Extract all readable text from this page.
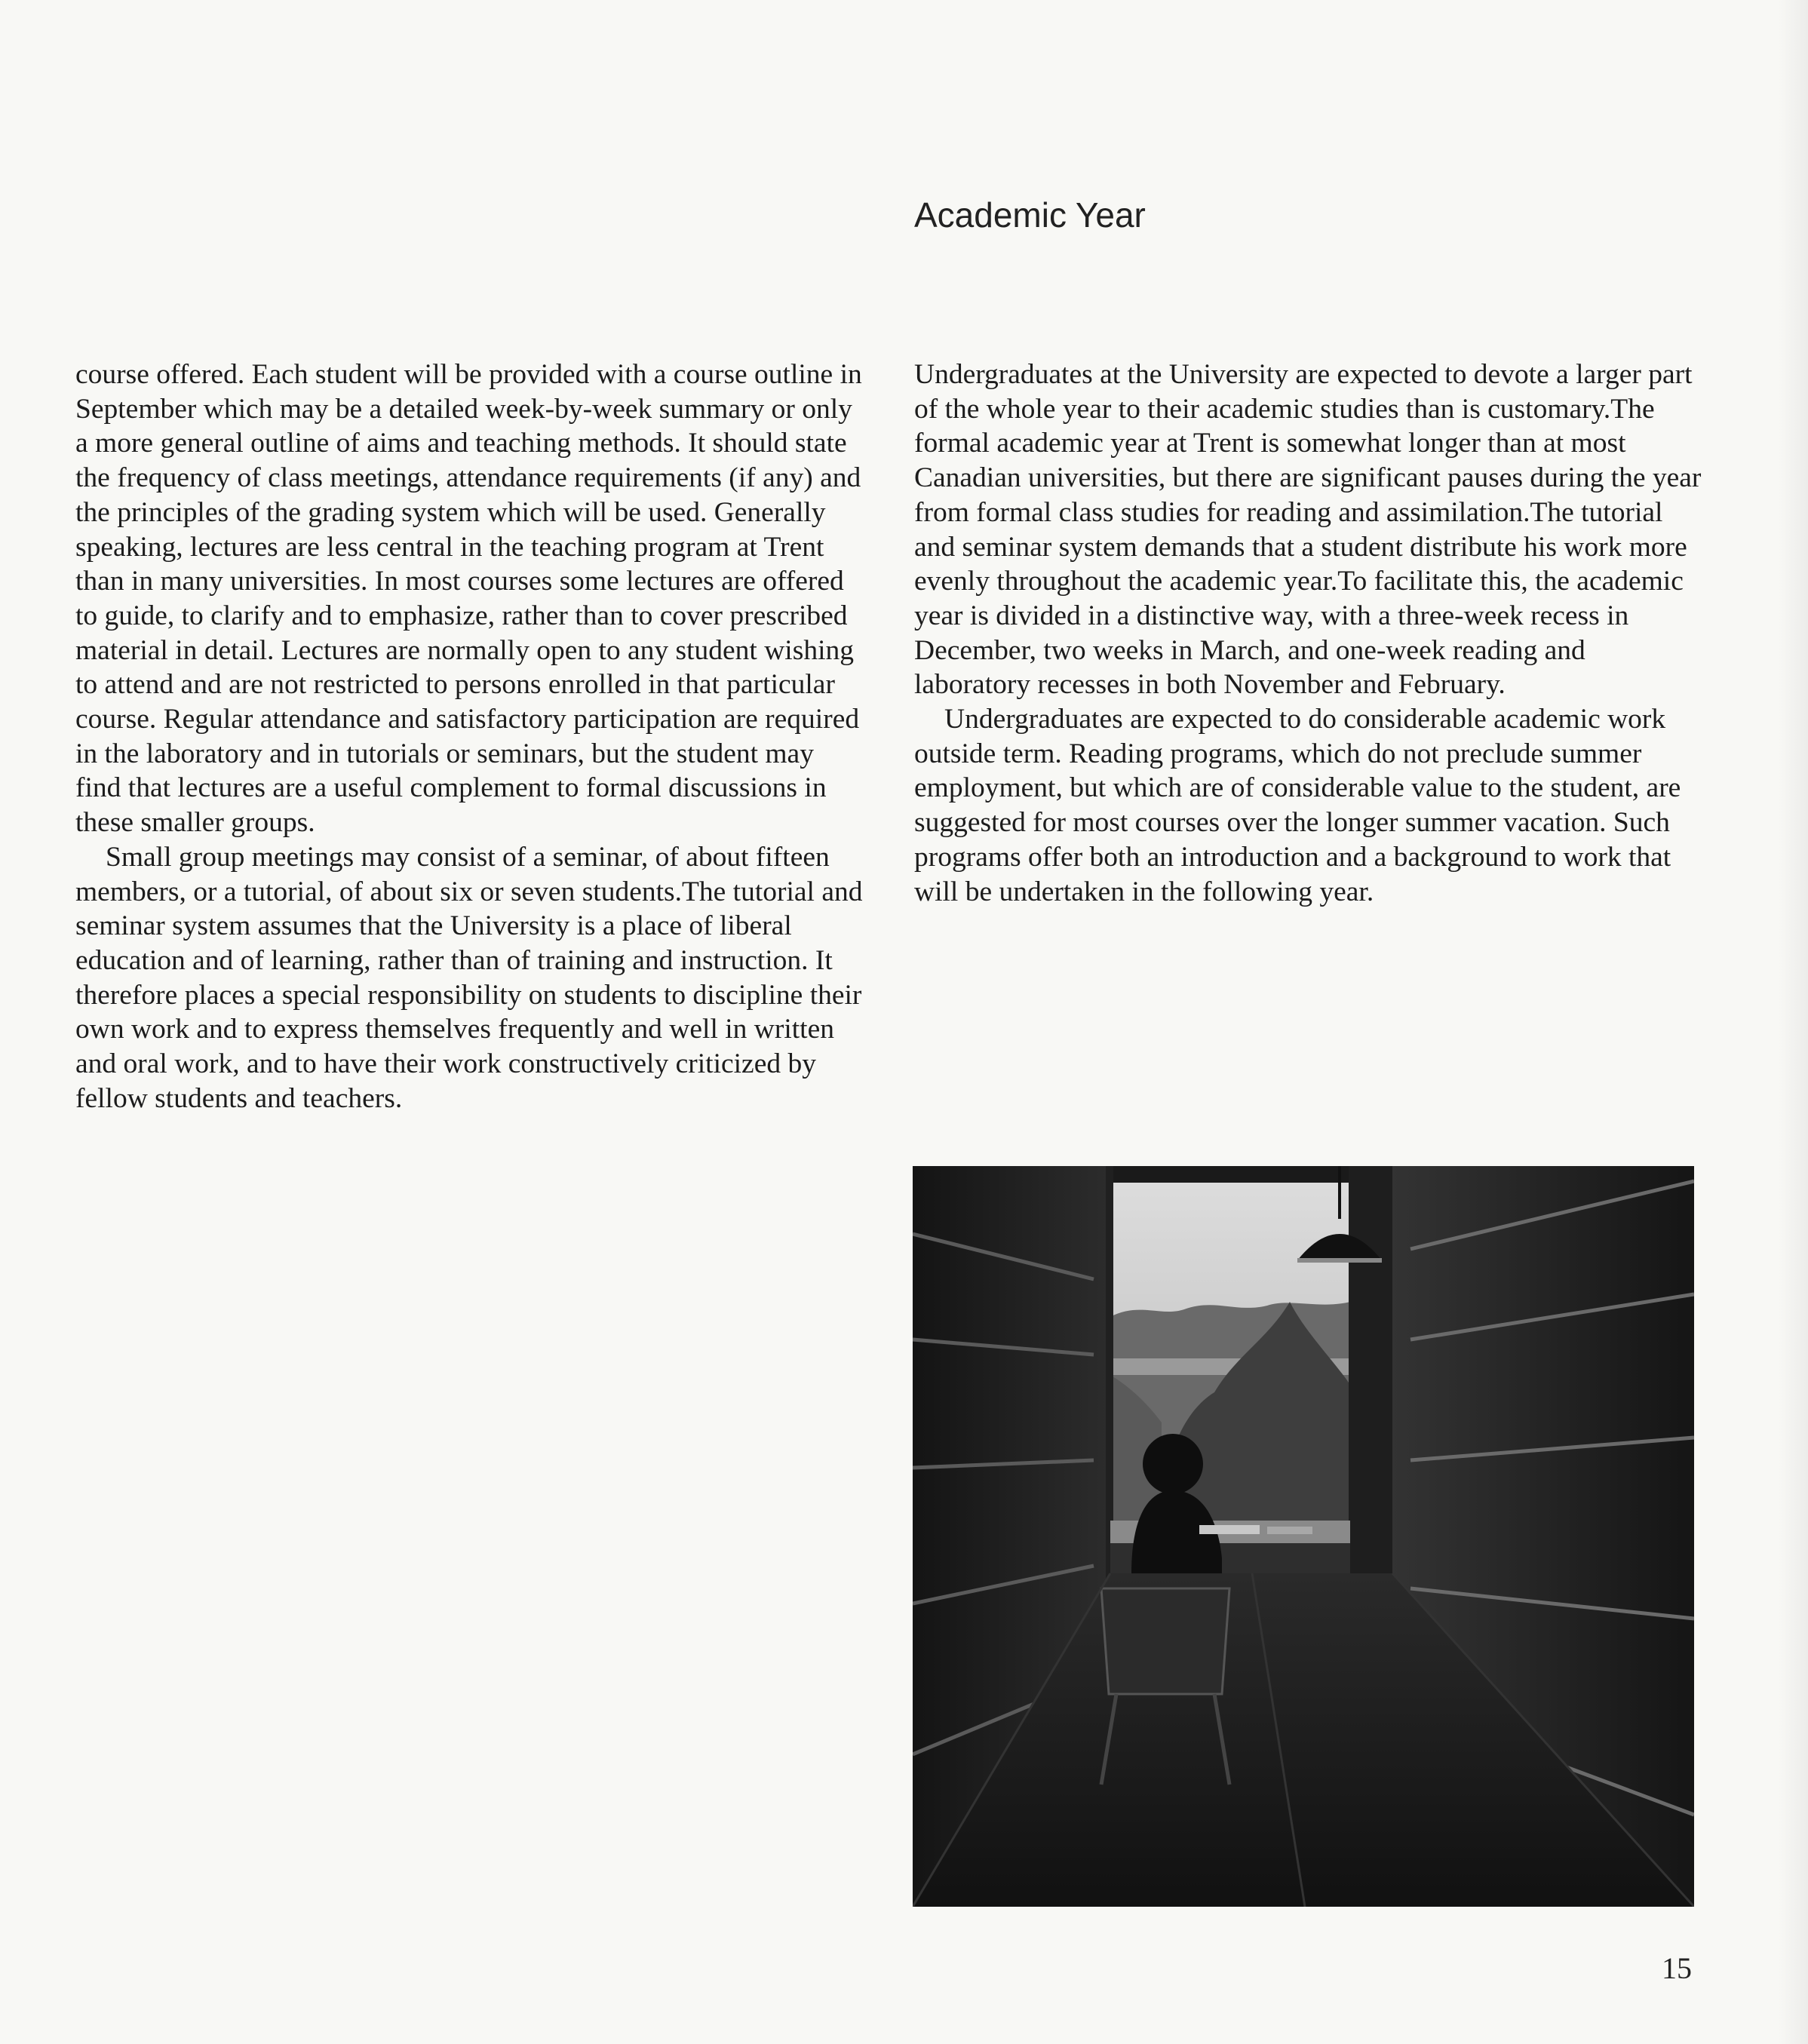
Academic Year

course offered. Each student will be provided with a course outline in September which may be a detailed week-by-week summary or only a more general outline of aims and teaching methods. It should state the frequency of class meetings, attendance requirements (if any) and the principles of the grading system which will be used. Generally speaking, lectures are less central in the teaching program at Trent than in many universities. In most courses some lectures are offered to guide, to clarify and to emphasize, rather than to cover prescribed material in detail. Lectures are normally open to any student wishing to attend and are not restricted to persons enrolled in that particular course. Regular attendance and satisfactory participation are required in the laboratory and in tutorials or seminars, but the student may find that lectures are a useful complement to formal discussions in these smaller groups.

Small group meetings may consist of a seminar, of about fifteen members, or a tutorial, of about six or seven students.The tutorial and seminar system assumes that the University is a place of liberal education and of learning, rather than of training and instruction. It therefore places a special responsibility on students to discipline their own work and to express themselves frequently and well in written and oral work, and to have their work constructively criticized by fellow students and teachers.

Undergraduates at the University are expected to devote a larger part of the whole year to their academic studies than is customary.The formal academic year at Trent is somewhat longer than at most Canadian universities, but there are significant pauses during the year from formal class studies for reading and assimilation.The tutorial and seminar system demands that a student distribute his work more evenly throughout the academic year.To facilitate this, the academic year is divided in a distinctive way, with a three-week recess in December, two weeks in March, and one-week reading and laboratory recesses in both November and February.

Undergraduates are expected to do considerable academic work outside term. Reading programs, which do not preclude summer employment, but which are of considerable value to the student, are suggested for most courses over the longer summer vacation. Such programs offer both an introduction and a background to work that will be undertaken in the following year.

15
